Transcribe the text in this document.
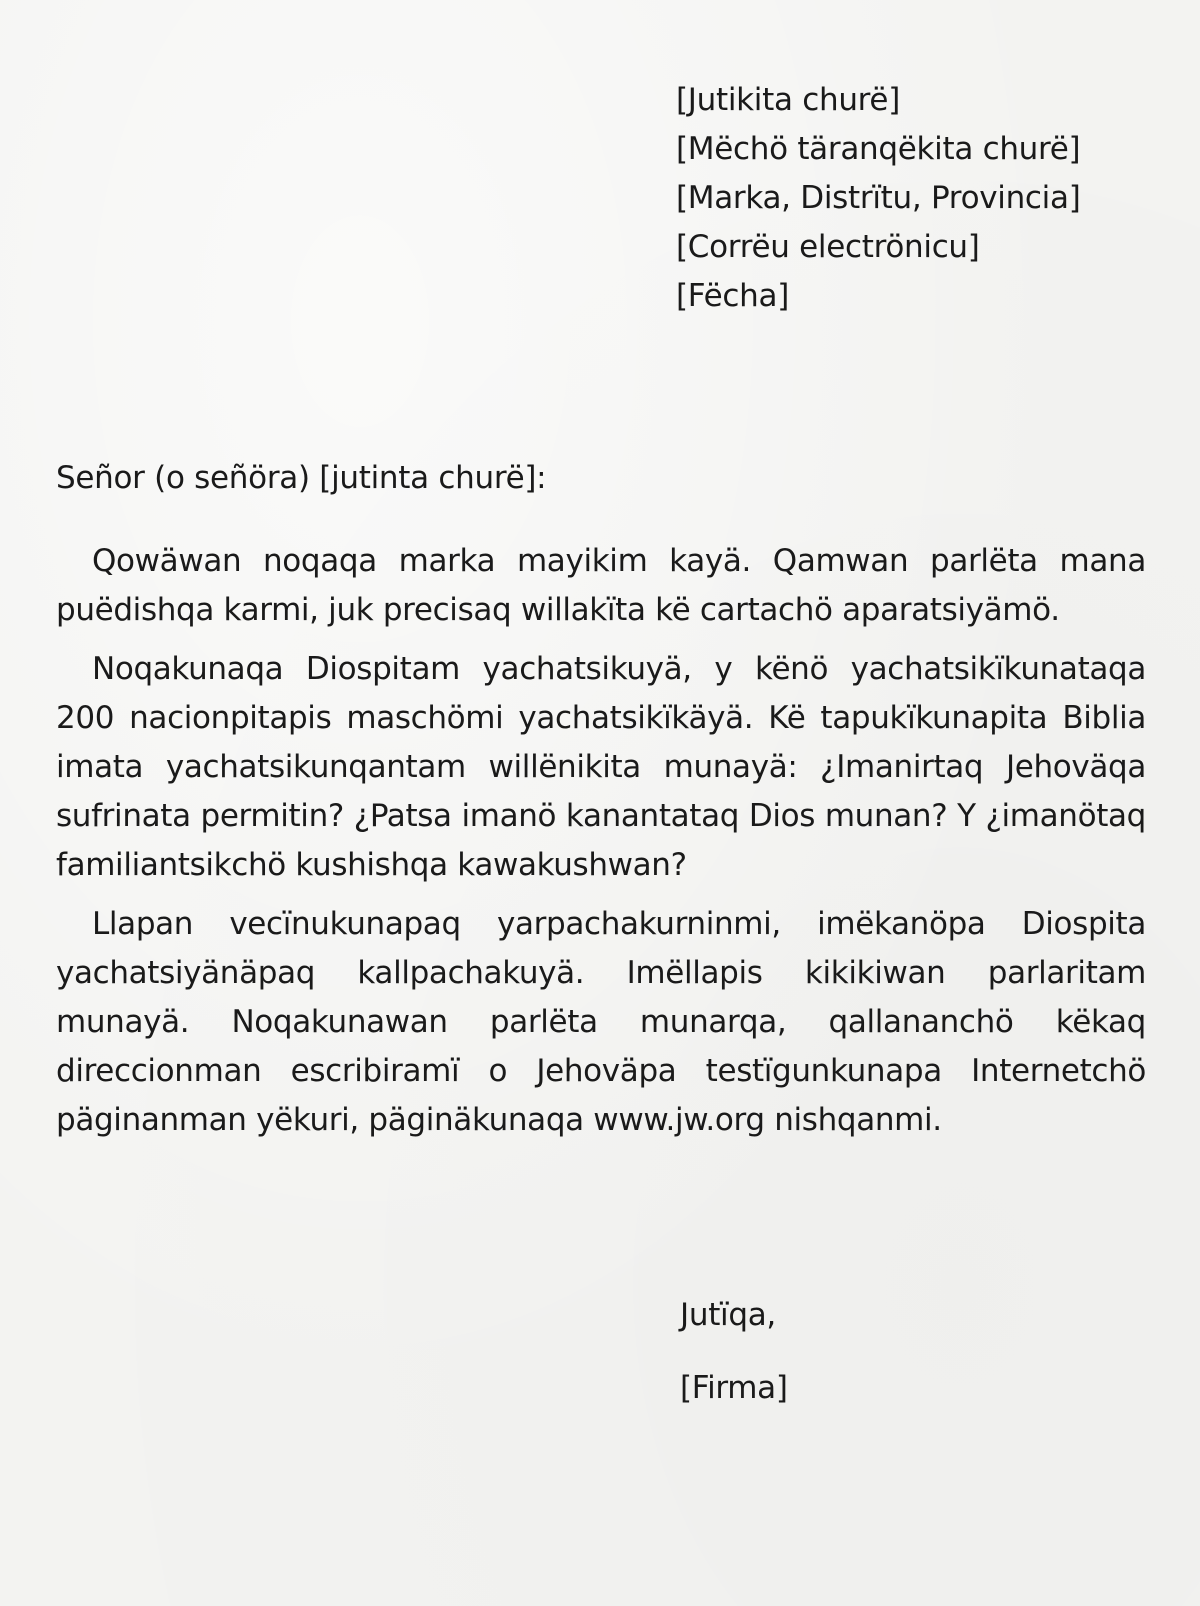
[Jutikita churë]
[Mëchö täranqëkita churë]
[Marka, Distrïtu, Provincia]
[Corrëu electrönicu]
[Fëcha]
Señor (o señöra) [jutinta churë]:

Qowäwan noqaqa marka mayikim kayä. Qamwan parlëta mana puëdishqa karmi, juk precisaq willakïta kë cartachö aparatsiyämö.

Noqakunaqa Diospitam yachatsikuyä, y kënö yachatsikïkunataqa 200 nacionpitapis maschömi yachatsikïkäyä. Kë tapukïkunapita Biblia imata yachatsikunqantam willënikita munayä: ¿Imanirtaq Jehoväqa sufrinata permitin? ¿Patsa imanö kanantataq Dios munan? Y ¿imanötaq familiantsikchö kushishqa kawakushwan?

Llapan vecïnukunapaq yarpachakurninmi, imëkanöpa Diospita yachatsiyänäpaq kallpachakuyä. Imëllapis kikikiwan parlaritam munayä. Noqakunawan parlëta munarqa, qallananchö këkaq direccionman escribiramï o Jehoväpa testïgunkunapa Internetchö päginanman yëkuri, päginäkunaqa www.jw.org nishqanmi.

Jutïqa,
[Firma]
